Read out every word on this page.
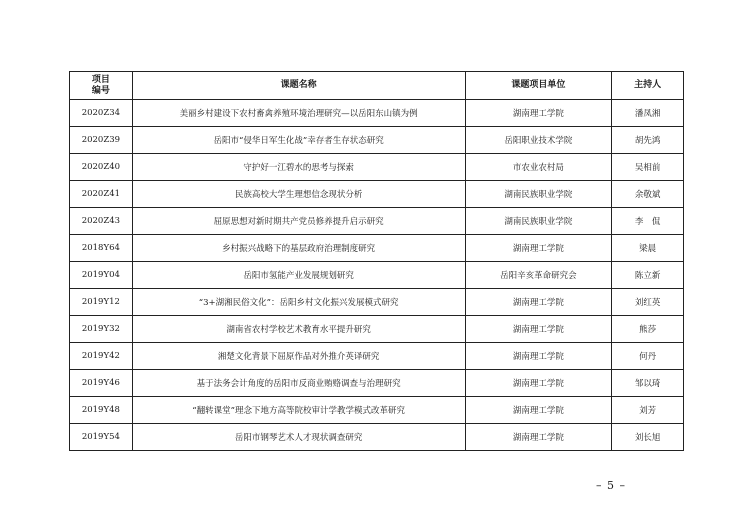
项目
编号	课题名称	课题项目单位	主持人
2020Z34	美丽乡村建设下农村畜禽养殖环境治理研究—以岳阳东山镇为例	湖南理工学院	潘凤湘
2020Z39	岳阳市“侵华日军生化战”幸存者生存状态研究	岳阳职业技术学院	胡先鸿
2020Z40	守护好一江碧水的思考与探索	市农业农村局	吴相前
2020Z41	民族高校大学生理想信念现状分析	湖南民族职业学院	余敬斌
2020Z43	屈原思想对新时期共产党员修养提升启示研究	湖南民族职业学院	李　侃
2018Y64	乡村振兴战略下的基层政府治理制度研究	湖南理工学院	梁晨
2019Y04	岳阳市氢能产业发展规划研究	岳阳辛亥革命研究会	陈立新
2019Y12	“3+湖湘民俗文化”：岳阳乡村文化振兴发展模式研究	湖南理工学院	刘红英
2019Y32	湖南省农村学校艺术教育水平提升研究	湖南理工学院	熊莎
2019Y42	湘楚文化背景下屈原作品对外推介英译研究	湖南理工学院	何丹
2019Y46	基于法务会计角度的岳阳市反商业贿赂调查与治理研究	湖南理工学院	邹以琦
2019Y48	“翻转课堂”理念下地方高等院校审计学教学模式改革研究	湖南理工学院	刘芳
2019Y54	岳阳市钢琴艺术人才现状调查研究	湖南理工学院	刘长旭
– 5 –
